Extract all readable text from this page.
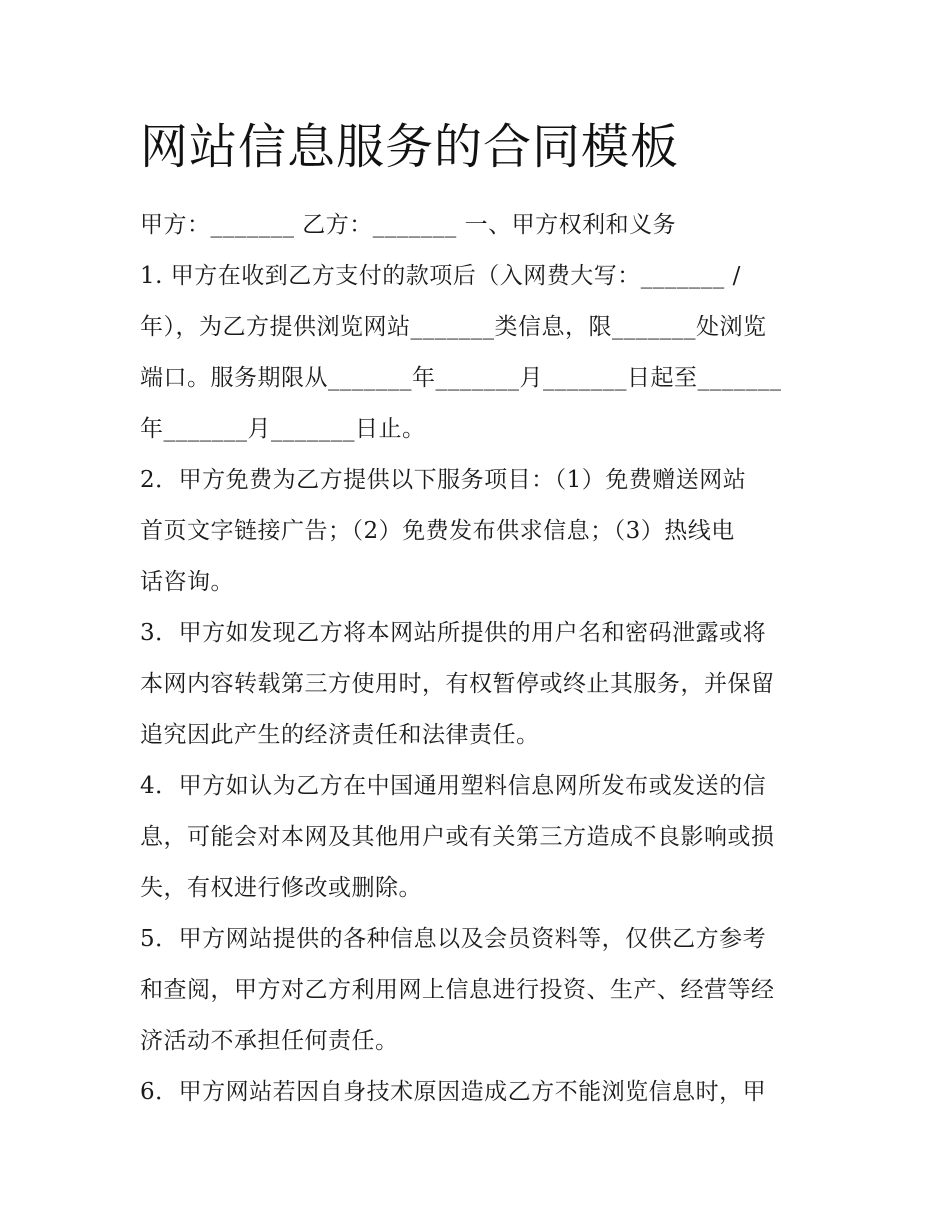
网站信息服务的合同模板
甲方：_______ 乙方：_______ 一、甲方权利和义务
1. 甲方在收到乙方支付的款项后（入网费大写：_______ /
年），为乙方提供浏览网站_______类信息，限_______处浏览
端口。服务期限从_______年_______月_______日起至_______
年_______月_______日止。
2．甲方免费为乙方提供以下服务项目：（1）免费赠送网站
首页文字链接广告；（2）免费发布供求信息；（3）热线电
话咨询。
3．甲方如发现乙方将本网站所提供的用户名和密码泄露或将
本网内容转载第三方使用时，有权暂停或终止其服务，并保留
追究因此产生的经济责任和法律责任。
4．甲方如认为乙方在中国通用塑料信息网所发布或发送的信
息，可能会对本网及其他用户或有关第三方造成不良影响或损
失，有权进行修改或删除。
5．甲方网站提供的各种信息以及会员资料等，仅供乙方参考
和查阅，甲方对乙方利用网上信息进行投资、生产、经营等经
济活动不承担任何责任。
6．甲方网站若因自身技术原因造成乙方不能浏览信息时，甲
